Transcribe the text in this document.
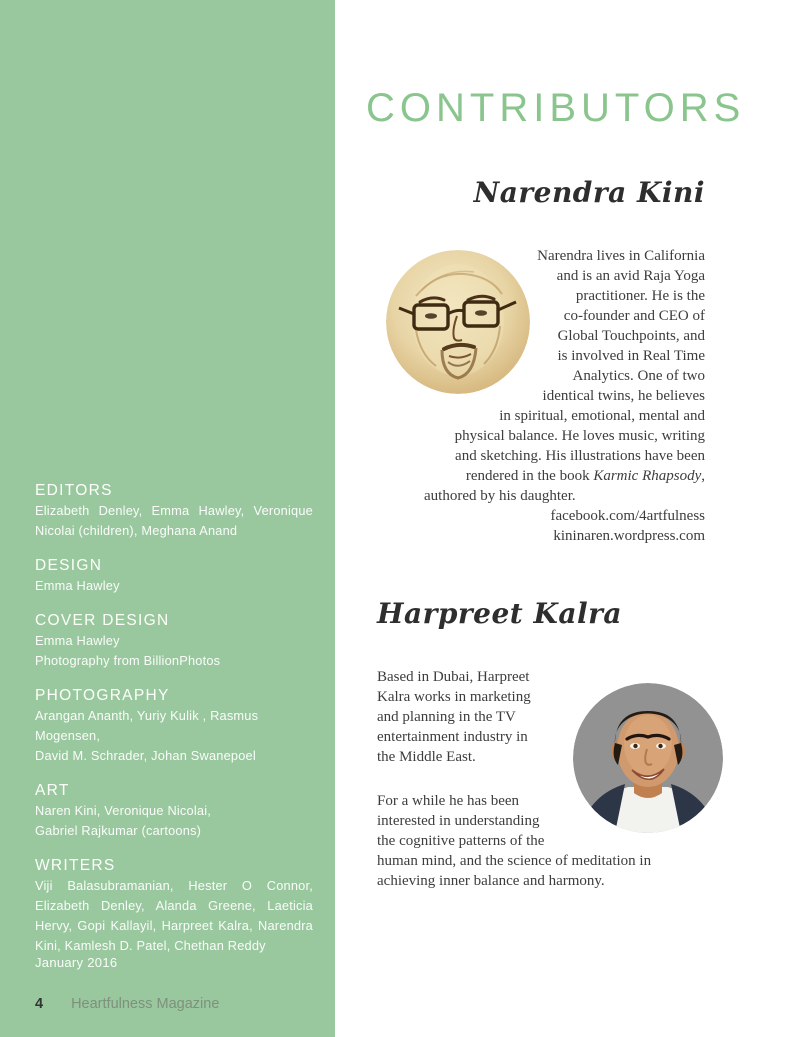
EDITORS

Elizabeth Denley, Emma Hawley, Veronique

Nicolai (children), Meghana Anand

DESIGN

Emma Hawley

COVER DESIGN

Emma Hawley

Photography from BillionPhotos

PHOTOGRAPHY

Arangan Ananth, Yuriy Kulik , Rasmus Mogensen,

David M. Schrader, Johan Swanepoel

ART

Naren Kini, Veronique Nicolai,

Gabriel Rajkumar (cartoons)

WRITERS

Viji Balasubramanian, Hester O Connor,

Elizabeth Denley, Alanda Greene, Laeticia

Hervy, Gopi Kallayil, Harpreet Kalra, Narendra

Kini, Kamlesh D. Patel, Chethan Reddy

January 2016
4 Heartfulness Magazine
CONTRIBUTORS
Narendra Kini
Narendra lives in California
and is an avid Raja Yoga
practitioner. He is the
co-founder and CEO of
Global Touchpoints, and
is involved in Real Time
Analytics. One of two
identical twins, he believes
in spiritual, emotional, mental and
physical balance. He loves music, writing
and sketching. His illustrations have been
rendered in the book Karmic Rhapsody,
authored by his daughter.
facebook.com/4artfulness
kininaren.wordpress.com
Harpreet Kalra
Based in Dubai, Harpreet
Kalra works in marketing
and planning in the TV
entertainment industry in
the Middle East.
For a while he has been
interested in understanding
the cognitive patterns of the
human mind, and the science of meditation in
achieving inner balance and harmony.
